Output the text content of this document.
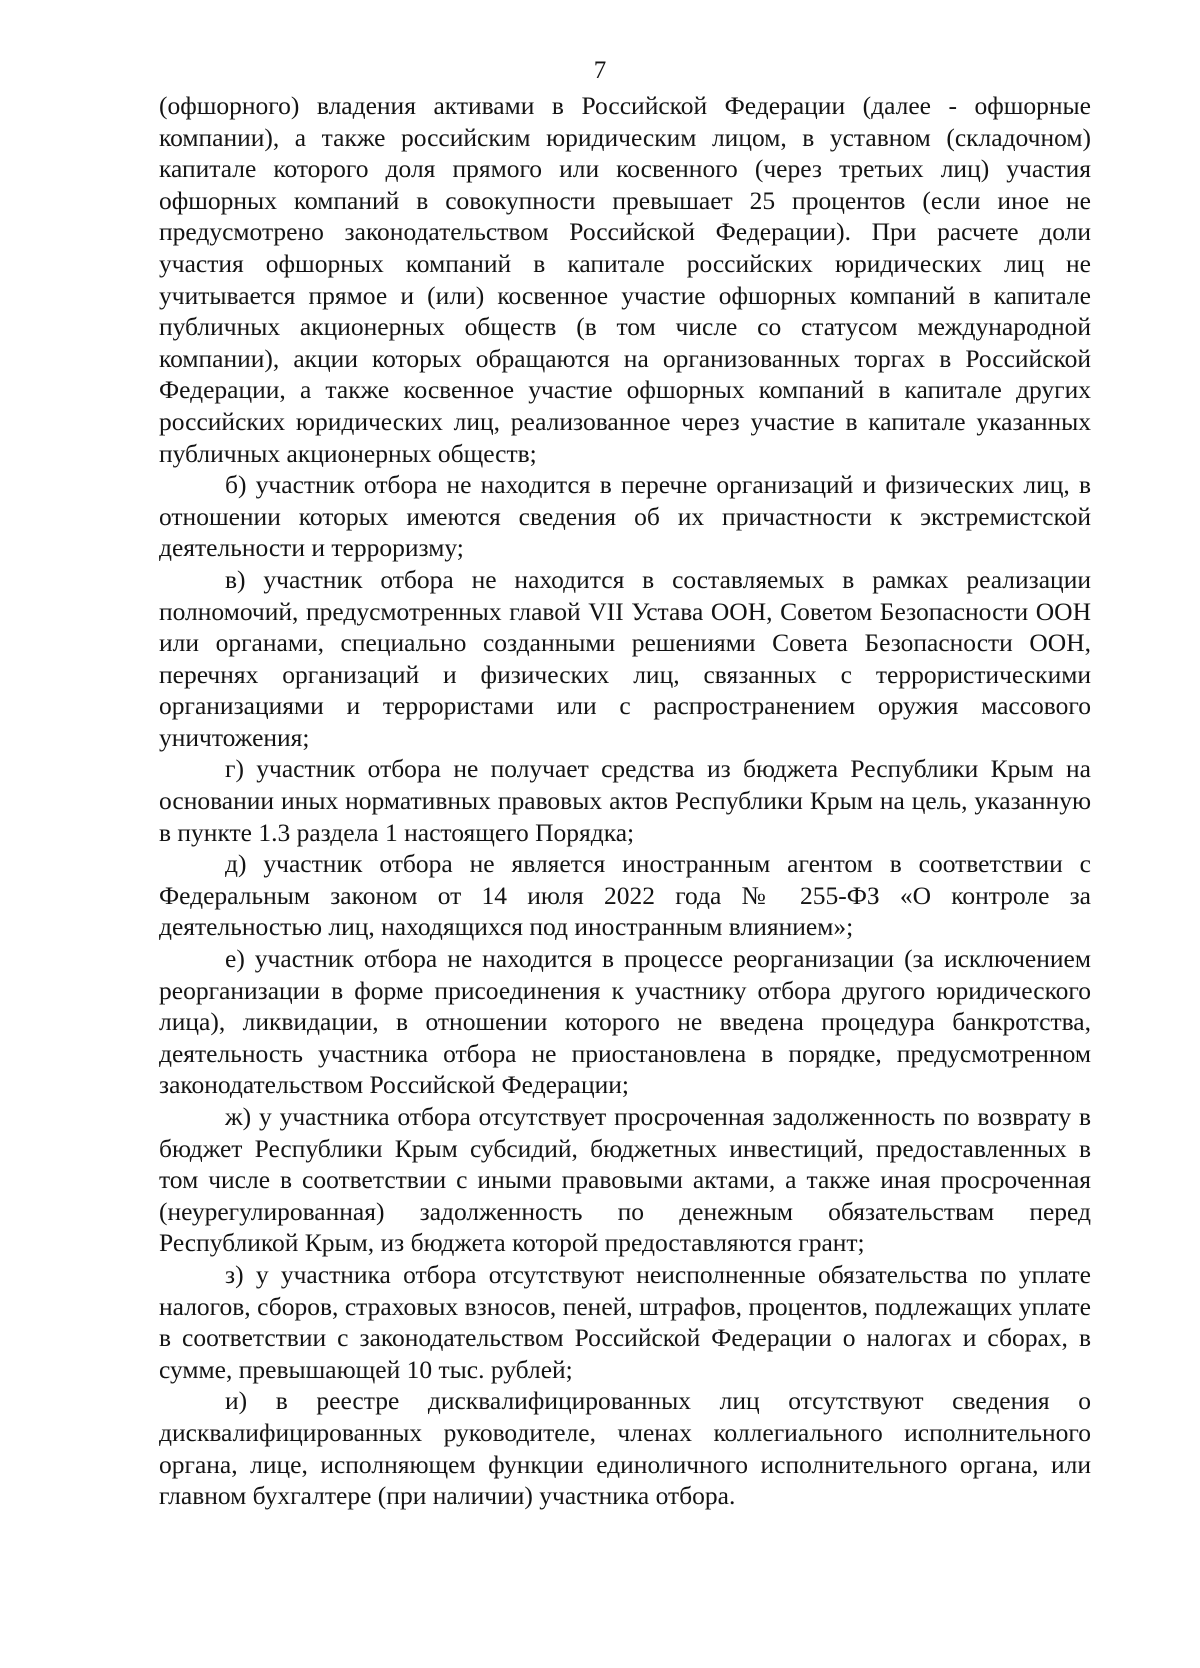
7

(офшорного) владения активами в Российской Федерации (далее - офшорные компании), а также российским юридическим лицом, в уставном (складочном) капитале которого доля прямого или косвенного (через третьих лиц) участия офшорных компаний в совокупности превышает 25 процентов (если иное не предусмотрено законодательством Российской Федерации). При расчете доли участия офшорных компаний в капитале российских юридических лиц не учитывается прямое и (или) косвенное участие офшорных компаний в капитале публичных акционерных обществ (в том числе со статусом международной компании), акции которых обращаются на организованных торгах в Российской Федерации, а также косвенное участие офшорных компаний в капитале других российских юридических лиц, реализованное через участие в капитале указанных публичных акционерных обществ;

б) участник отбора не находится в перечне организаций и физических лиц, в отношении которых имеются сведения об их причастности к экстремистской деятельности и терроризму;

в) участник отбора не находится в составляемых в рамках реализации полномочий, предусмотренных главой VII Устава ООН, Советом Безопасности ООН или органами, специально созданными решениями Совета Безопасности ООН, перечнях организаций и физических лиц, связанных с террористическими организациями и террористами или с распространением оружия массового уничтожения;

г) участник отбора не получает средства из бюджета Республики Крым на основании иных нормативных правовых актов Республики Крым на цель, указанную в пункте 1.3 раздела 1 настоящего Порядка;

д) участник отбора не является иностранным агентом в соответствии с Федеральным законом от 14 июля 2022 года № 255-ФЗ «О контроле за деятельностью лиц, находящихся под иностранным влиянием»;

е) участник отбора не находится в процессе реорганизации (за исключением реорганизации в форме присоединения к участнику отбора другого юридического лица), ликвидации, в отношении которого не введена процедура банкротства, деятельность участника отбора не приостановлена в порядке, предусмотренном законодательством Российской Федерации;

ж) у участника отбора отсутствует просроченная задолженность по возврату в бюджет Республики Крым субсидий, бюджетных инвестиций, предоставленных в том числе в соответствии с иными правовыми актами, а также иная просроченная (неурегулированная) задолженность по денежным обязательствам перед Республикой Крым, из бюджета которой предоставляются грант;

з) у участника отбора отсутствуют неисполненные обязательства по уплате налогов, сборов, страховых взносов, пеней, штрафов, процентов, подлежащих уплате в соответствии с законодательством Российской Федерации о налогах и сборах, в сумме, превышающей 10 тыс. рублей;

и) в реестре дисквалифицированных лиц отсутствуют сведения о дисквалифицированных руководителе, членах коллегиального исполнительного органа, лице, исполняющем функции единоличного исполнительного органа, или главном бухгалтере (при наличии) участника отбора.
